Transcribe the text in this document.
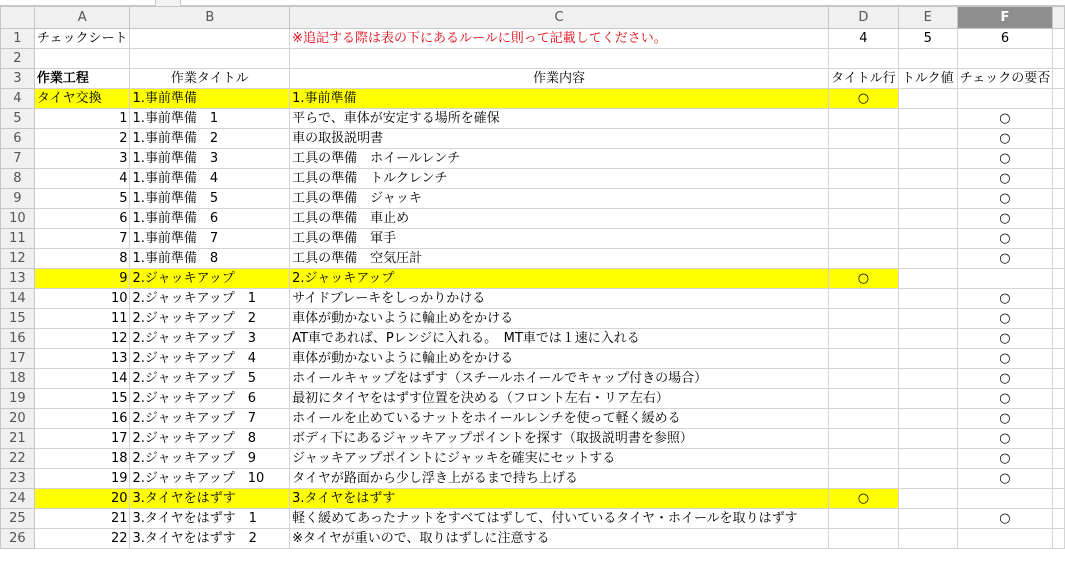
	A	B	C	D	E	F	
1	チェックシート		※追記する際は表の下にあるルールに則って記載してください。	4	5	6	
2							
3	作業工程	作業タイトル	作業内容	タイトル行	トルク値	チェックの要否	
4	タイヤ交換	1.事前準備	1.事前準備	○			
5	1	1.事前準備　1	平らで、車体が安定する場所を確保			○	
6	2	1.事前準備　2	車の取扱説明書			○	
7	3	1.事前準備　3	工具の準備　ホイールレンチ			○	
8	4	1.事前準備　4	工具の準備　トルクレンチ			○	
9	5	1.事前準備　5	工具の準備　ジャッキ			○	
10	6	1.事前準備　6	工具の準備　車止め			○	
11	7	1.事前準備　7	工具の準備　軍手			○	
12	8	1.事前準備　8	工具の準備　空気圧計			○	
13	9	2.ジャッキアップ	2.ジャッキアップ	○			
14	10	2.ジャッキアップ　1	サイドブレーキをしっかりかける			○	
15	11	2.ジャッキアップ　2	車体が動かないように輪止めをかける			○	
16	12	2.ジャッキアップ　3	AT車であれば、Pレンジに入れる。　MT車では１速に入れる			○	
17	13	2.ジャッキアップ　4	車体が動かないように輪止めをかける			○	
18	14	2.ジャッキアップ　5	ホイールキャップをはずす（スチールホイールでキャップ付きの場合）			○	
19	15	2.ジャッキアップ　6	最初にタイヤをはずす位置を決める（フロント左右・リア左右）			○	
20	16	2.ジャッキアップ　7	ホイールを止めているナットをホイールレンチを使って軽く緩める			○	
21	17	2.ジャッキアップ　8	ボディ下にあるジャッキアップポイントを探す（取扱説明書を参照）			○	
22	18	2.ジャッキアップ　9	ジャッキアップポイントにジャッキを確実にセットする			○	
23	19	2.ジャッキアップ　10	タイヤが路面から少し浮き上がるまで持ち上げる			○	
24	20	3.タイヤをはずす	3.タイヤをはずす	○			
25	21	3.タイヤをはずす　1	軽く緩めてあったナットをすべてはずして、付いているタイヤ・ホイールを取りはずす			○	
26	22	3.タイヤをはずす　2	※タイヤが重いので、取りはずしに注意する				
